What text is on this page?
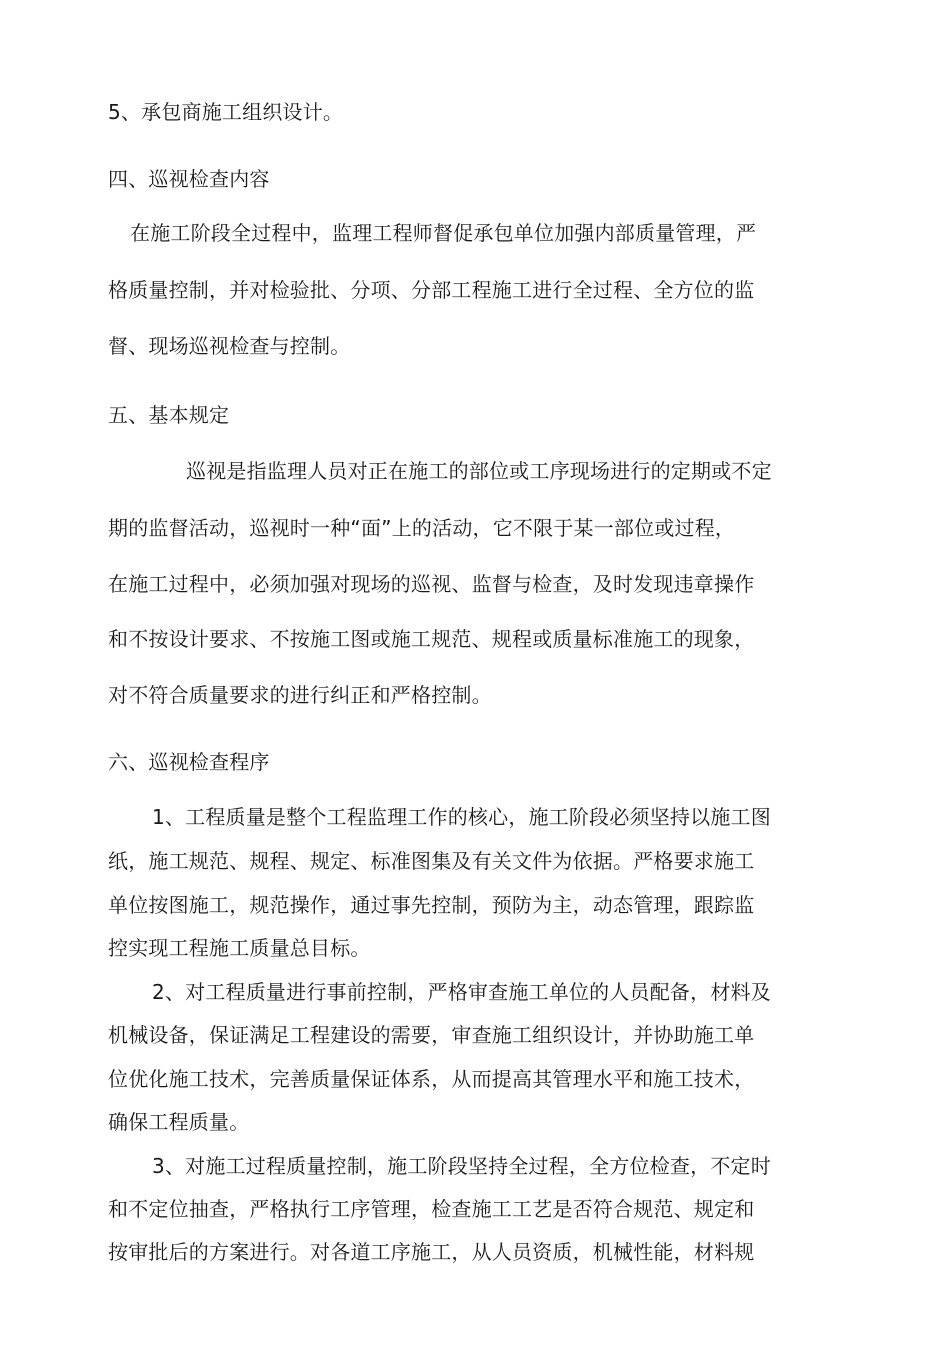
5、承包商施工组织设计。
四、巡视检查内容
在施工阶段全过程中，监理工程师督促承包单位加强内部质量管理，严
格质量控制，并对检验批、分项、分部工程施工进行全过程、全方位的监
督、现场巡视检查与控制。
五、基本规定
巡视是指监理人员对正在施工的部位或工序现场进行的定期或不定
期的监督活动，巡视时一种“面”上的活动，它不限于某一部位或过程，
在施工过程中，必须加强对现场的巡视、监督与检查，及时发现违章操作
和不按设计要求、不按施工图或施工规范、规程或质量标准施工的现象，
对不符合质量要求的进行纠正和严格控制。
六、巡视检查程序
1、工程质量是整个工程监理工作的核心，施工阶段必须坚持以施工图
纸，施工规范、规程、规定、标准图集及有关文件为依据。严格要求施工
单位按图施工，规范操作，通过事先控制，预防为主，动态管理，跟踪监
控实现工程施工质量总目标。
2、对工程质量进行事前控制，严格审查施工单位的人员配备，材料及
机械设备，保证满足工程建设的需要，审查施工组织设计，并协助施工单
位优化施工技术，完善质量保证体系，从而提高其管理水平和施工技术，
确保工程质量。
3、对施工过程质量控制，施工阶段坚持全过程，全方位检查，不定时
和不定位抽查，严格执行工序管理，检查施工工艺是否符合规范、规定和
按审批后的方案进行。对各道工序施工，从人员资质，机械性能，材料规
